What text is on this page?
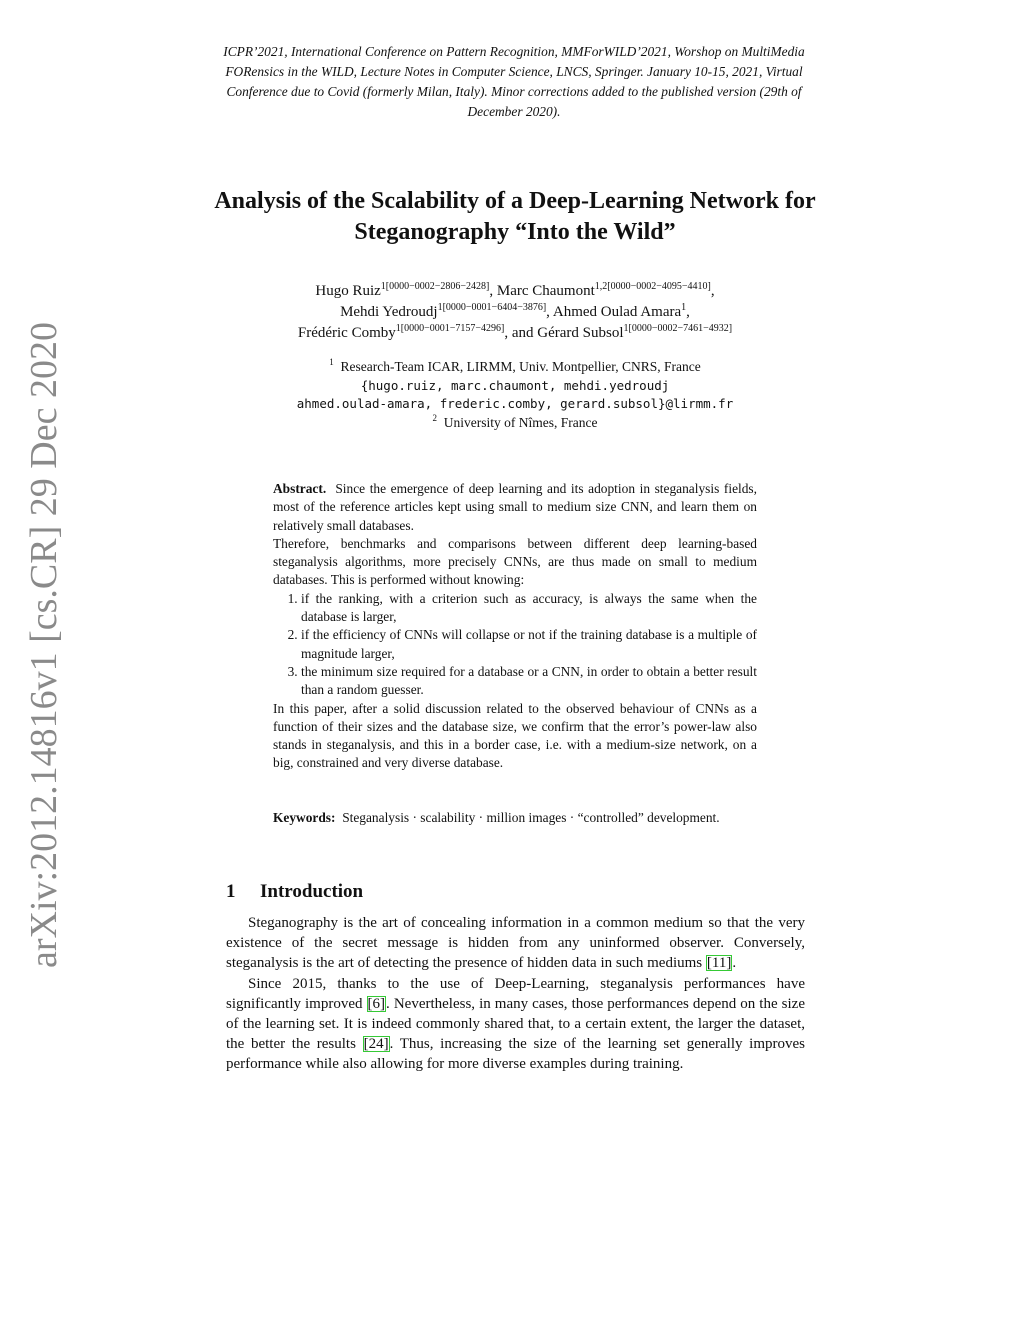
arXiv:2012.14816v1 [cs.CR] 29 Dec 2020
ICPR’2021, International Conference on Pattern Recognition, MMForWILD’2021, Worshop on MultiMedia FORensics in the WILD, Lecture Notes in Computer Science, LNCS, Springer. January 10-15, 2021, Virtual Conference due to Covid (formerly Milan, Italy). Minor corrections added to the published version (29th of December 2020).
Analysis of the Scalability of a Deep-Learning Network for Steganography “Into the Wild”
Hugo Ruiz$^{1[0000-0002-2806-2428]}$, Marc Chaumont$^{1,2[0000-0002-4095-4410]}$,
Mehdi Yedroudj$^{1[0000-0001-6404-3876]}$, Ahmed Oulad Amara$^1$,
Frédéric Comby$^{1[0000-0001-7157-4296]}$, and Gérard Subsol$^{1[0000-0002-7461-4932]}$
$^1$ Research-Team ICAR, LIRMM, Univ. Montpellier, CNRS, France
{hugo.ruiz, marc.chaumont, mehdi.yedroudj
ahmed.oulad-amara, frederic.comby, gerard.subsol}@lirmm.fr
$^2$ University of Nîmes, France

Abstract. Since the emergence of deep learning and its adoption in steganalysis fields, most of the reference articles kept using small to medium size CNN, and learn them on relatively small databases.

Therefore, benchmarks and comparisons between different deep learning-based steganalysis algorithms, more precisely CNNs, are thus made on small to medium databases. This is performed without knowing:

1. if the ranking, with a criterion such as accuracy, is always the same when the database is larger,
2. if the efficiency of CNNs will collapse or not if the training database is a multiple of magnitude larger,
3. the minimum size required for a database or a CNN, in order to obtain a better result than a random guesser.

In this paper, after a solid discussion related to the observed behaviour of CNNs as a function of their sizes and the database size, we confirm that the error’s power-law also stands in steganalysis, and this in a border case, i.e. with a medium-size network, on a big, constrained and very diverse database.

Keywords: Steganalysis · scalability · million images · “controlled” development.
1 Introduction

Steganography is the art of concealing information in a common medium so that the very existence of the secret message is hidden from any uninformed observer. Conversely, steganalysis is the art of detecting the presence of hidden data in such mediums [11].

Since 2015, thanks to the use of Deep-Learning, steganalysis performances have significantly improved [6]. Nevertheless, in many cases, those performances depend on the size of the learning set. It is indeed commonly shared that, to a certain extent, the larger the dataset, the better the results [24]. Thus, increasing the size of the learning set generally improves performance while also allowing for more diverse examples during training.
